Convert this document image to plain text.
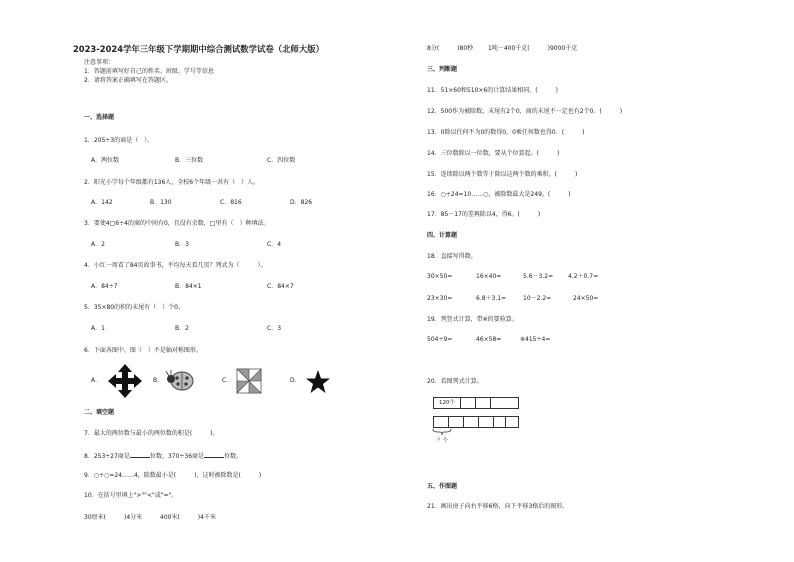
2023-2024学年三年级下学期期中综合测试数学试卷（北师大版）
注意事项：
1．答题前填写好自己的姓名、班级、学号等信息
2．请将答案正确填写在答题区。
一、选择题
1．205÷3的商是（　）。
A．两位数	B．三位数	C．四位数
2．阳光小学每个年级都有136人，全校6个年级一共有（　）人。
A．142	B．130	C．816	D．826
3．要使4□6÷4的商的中间有0，且没有余数，□里有（　）种填法。
A．2	B．3	C．4
4．小红一周看了84页故事书，平均每天看几页？列式为（　　　）。
A．84÷7	B．84×1	C．84×7
5．35×80的积的末尾有（　）个0。
A．1	B．2	C．3
6．下面各图中，图（　）不是轴对称图形。
A．	B．	C．	D．
二、填空题
7．最大的两位数与最小的两位数的积是(　　　)。
8．253÷27商是	位数，370÷36商是	位数。
9．○÷○=24……4，除数最小是(　　　)，这时被除数是(　　　)
10．在括号里填上">""<"或"="。
30厘米(　　　)4分米	400米(　　　)4千米
8分(　　　)80秒 1吨－400千克(　　　)9000千克
三、判断题
11．51×60和510×6的计算结果相同。(　　　)
12．500作为被除数，末尾有2个0，商的末尾不一定也有2个0。(　　　)
13．0除以任何不为0的数得0，0乘任何数也得0．(　　　)
14．三位数除以一位数，要从个位算起。(　　　)
15．连续除以两个数等于除以这两个数的乘积。(　　　)
16．○÷24=10……○，被除数最大是249。(　　　)
17．85－17的差再除以4，得6。(　　　)
四、计算题
18．直接写得数。
30×50=	16×40=	5.6－3.2= 4.2＋0.7=
23×30=	6.8＋3.1=	10－2.2=	24×50=
19．列竖式计算，带※的要验算。
504÷9=	46×58=	※415÷4=
20．看图列式计算。
120个
？个
五、作图题
21．画出房子向右平移6格，向下平移3格后的图形。
